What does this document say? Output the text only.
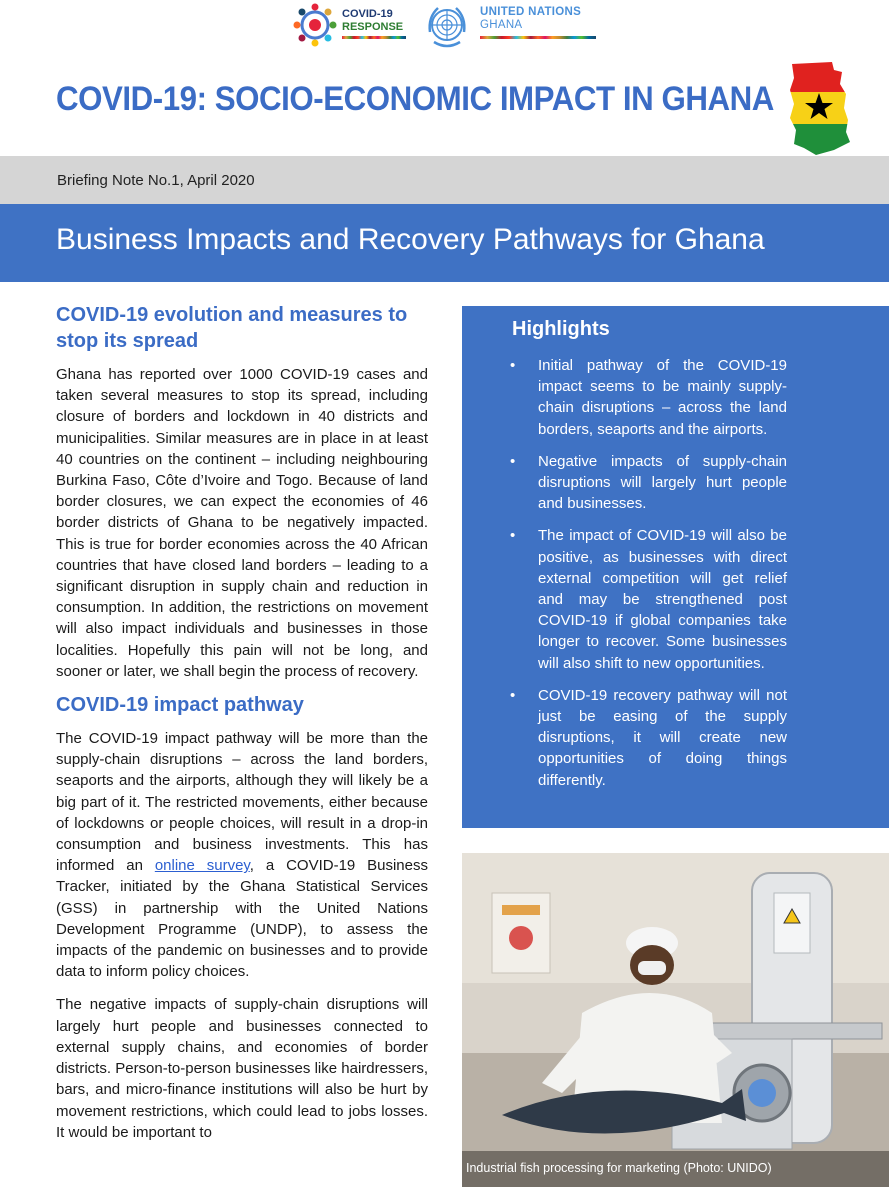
COVID-19
RESPONSE
UNITED NATIONS
GHANA
COVID-19: SOCIO-ECONOMIC IMPACT IN GHANA
Briefing Note No.1, April 2020
Business Impacts and Recovery Pathways for Ghana
COVID-19 evolution and measures to stop its spread

Ghana has reported over 1000 COVID-19 cases and taken several measures to stop its spread, including closure of borders and lockdown in 40 districts and municipalities. Similar measures are in place in at least 40 countries on the continent – including neighbouring Burkina Faso, Côte d’Ivoire and Togo. Because of land border closures, we can expect the economies of 46 border districts of Ghana to be negatively impacted. This is true for border economies across the 40 African countries that have closed land borders – leading to a significant disruption in supply chain and reduction in consumption. In addition, the restrictions on movement will also impact individuals and businesses in those localities. Hopefully this pain will not be long, and sooner or later, we shall begin the process of recovery.

COVID-19 impact pathway

The COVID-19 impact pathway will be more than the supply-chain disruptions – across the land borders, seaports and the airports, although they will likely be a big part of it. The restricted movements, either because of lockdowns or people choices, will result in a drop-in consumption and business investments. This has informed an online survey, a COVID-19 Business Tracker, initiated by the Ghana Statistical Services (GSS) in partnership with the United Nations Development Programme (UNDP), to assess the impacts of the pandemic on businesses and to provide data to inform policy choices.

The negative impacts of supply-chain disruptions will largely hurt people and businesses connected to external supply chains, and economies of border districts. Person-to-person businesses like hairdressers, bars, and micro-finance institutions will also be hurt by movement restrictions, which could lead to jobs losses. It would be important to

Highlights
• Initial pathway of the COVID-19 impact seems to be mainly supply-chain disruptions – across the land borders, seaports and the airports.
• Negative impacts of supply-chain disruptions will largely hurt people and businesses.
• The impact of COVID-19 will also be positive, as businesses with direct external competition will get relief and may be strengthened post COVID-19 if global companies take longer to recover. Some businesses will also shift to new opportunities.
• COVID-19 recovery pathway will not just be easing of the supply disruptions, it will create new opportunities of doing things differently.
Industrial fish processing for marketing (Photo: UNIDO)
